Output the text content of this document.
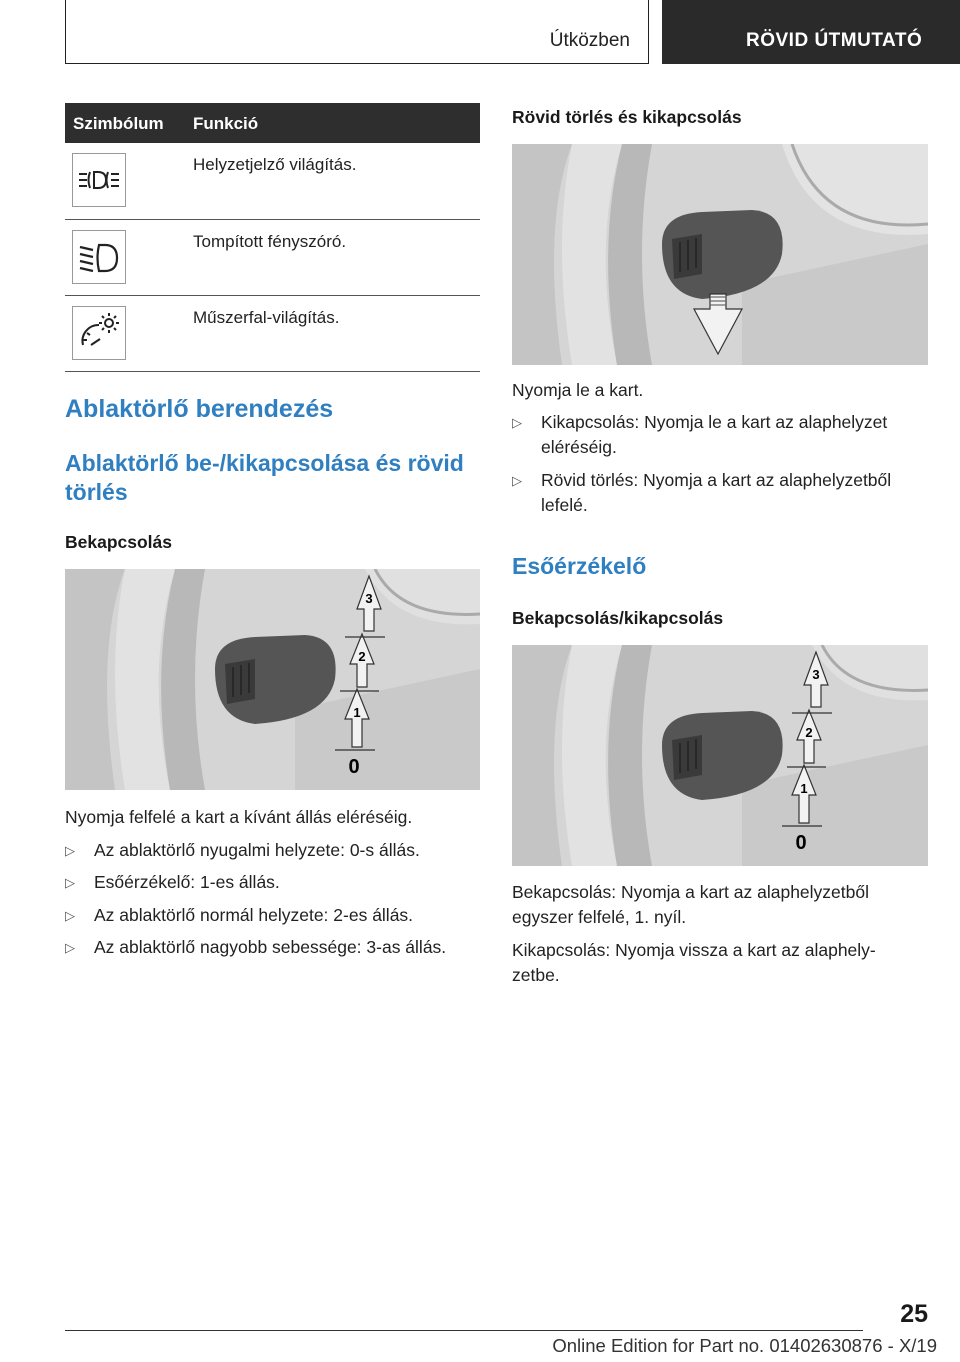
Útközben	RÖVID ÚTMUTATÓ
Szimbólum Funkció
Helyzetjelző világítás.
Tompított fényszóró.
Műszerfal-világítás.
Ablaktörlő berendezés
Ablaktörlő be-/kikapcsolása és rövid
törlés
Bekapcsolás
3
2
1
0
Nyomja felfelé a kart a kívánt állás eléréséig.
▷ Az ablaktörlő nyugalmi helyzete: 0-s állás.
▷ Esőérzékelő: 1-es állás.
▷ Az ablaktörlő normál helyzete: 2-es állás.
▷ Az ablaktörlő nagyobb sebessége: 3-as állás.
Rövid törlés és kikapcsolás
Nyomja le a kart.
▷ Kikapcsolás: Nyomja le a kart az alaphelyzet
eléréséig.
▷ Rövid törlés: Nyomja a kart az alaphelyzetből
lefelé.
Esőérzékelő
Bekapcsolás/kikapcsolás
3
2
1
0
Bekapcsolás: Nyomja a kart az alaphelyzetből
egyszer felfelé, 1. nyíl.
Kikapcsolás: Nyomja vissza a kart az alaphely-
zetbe.
25
Online Edition for Part no. 01402630876 - X/19
